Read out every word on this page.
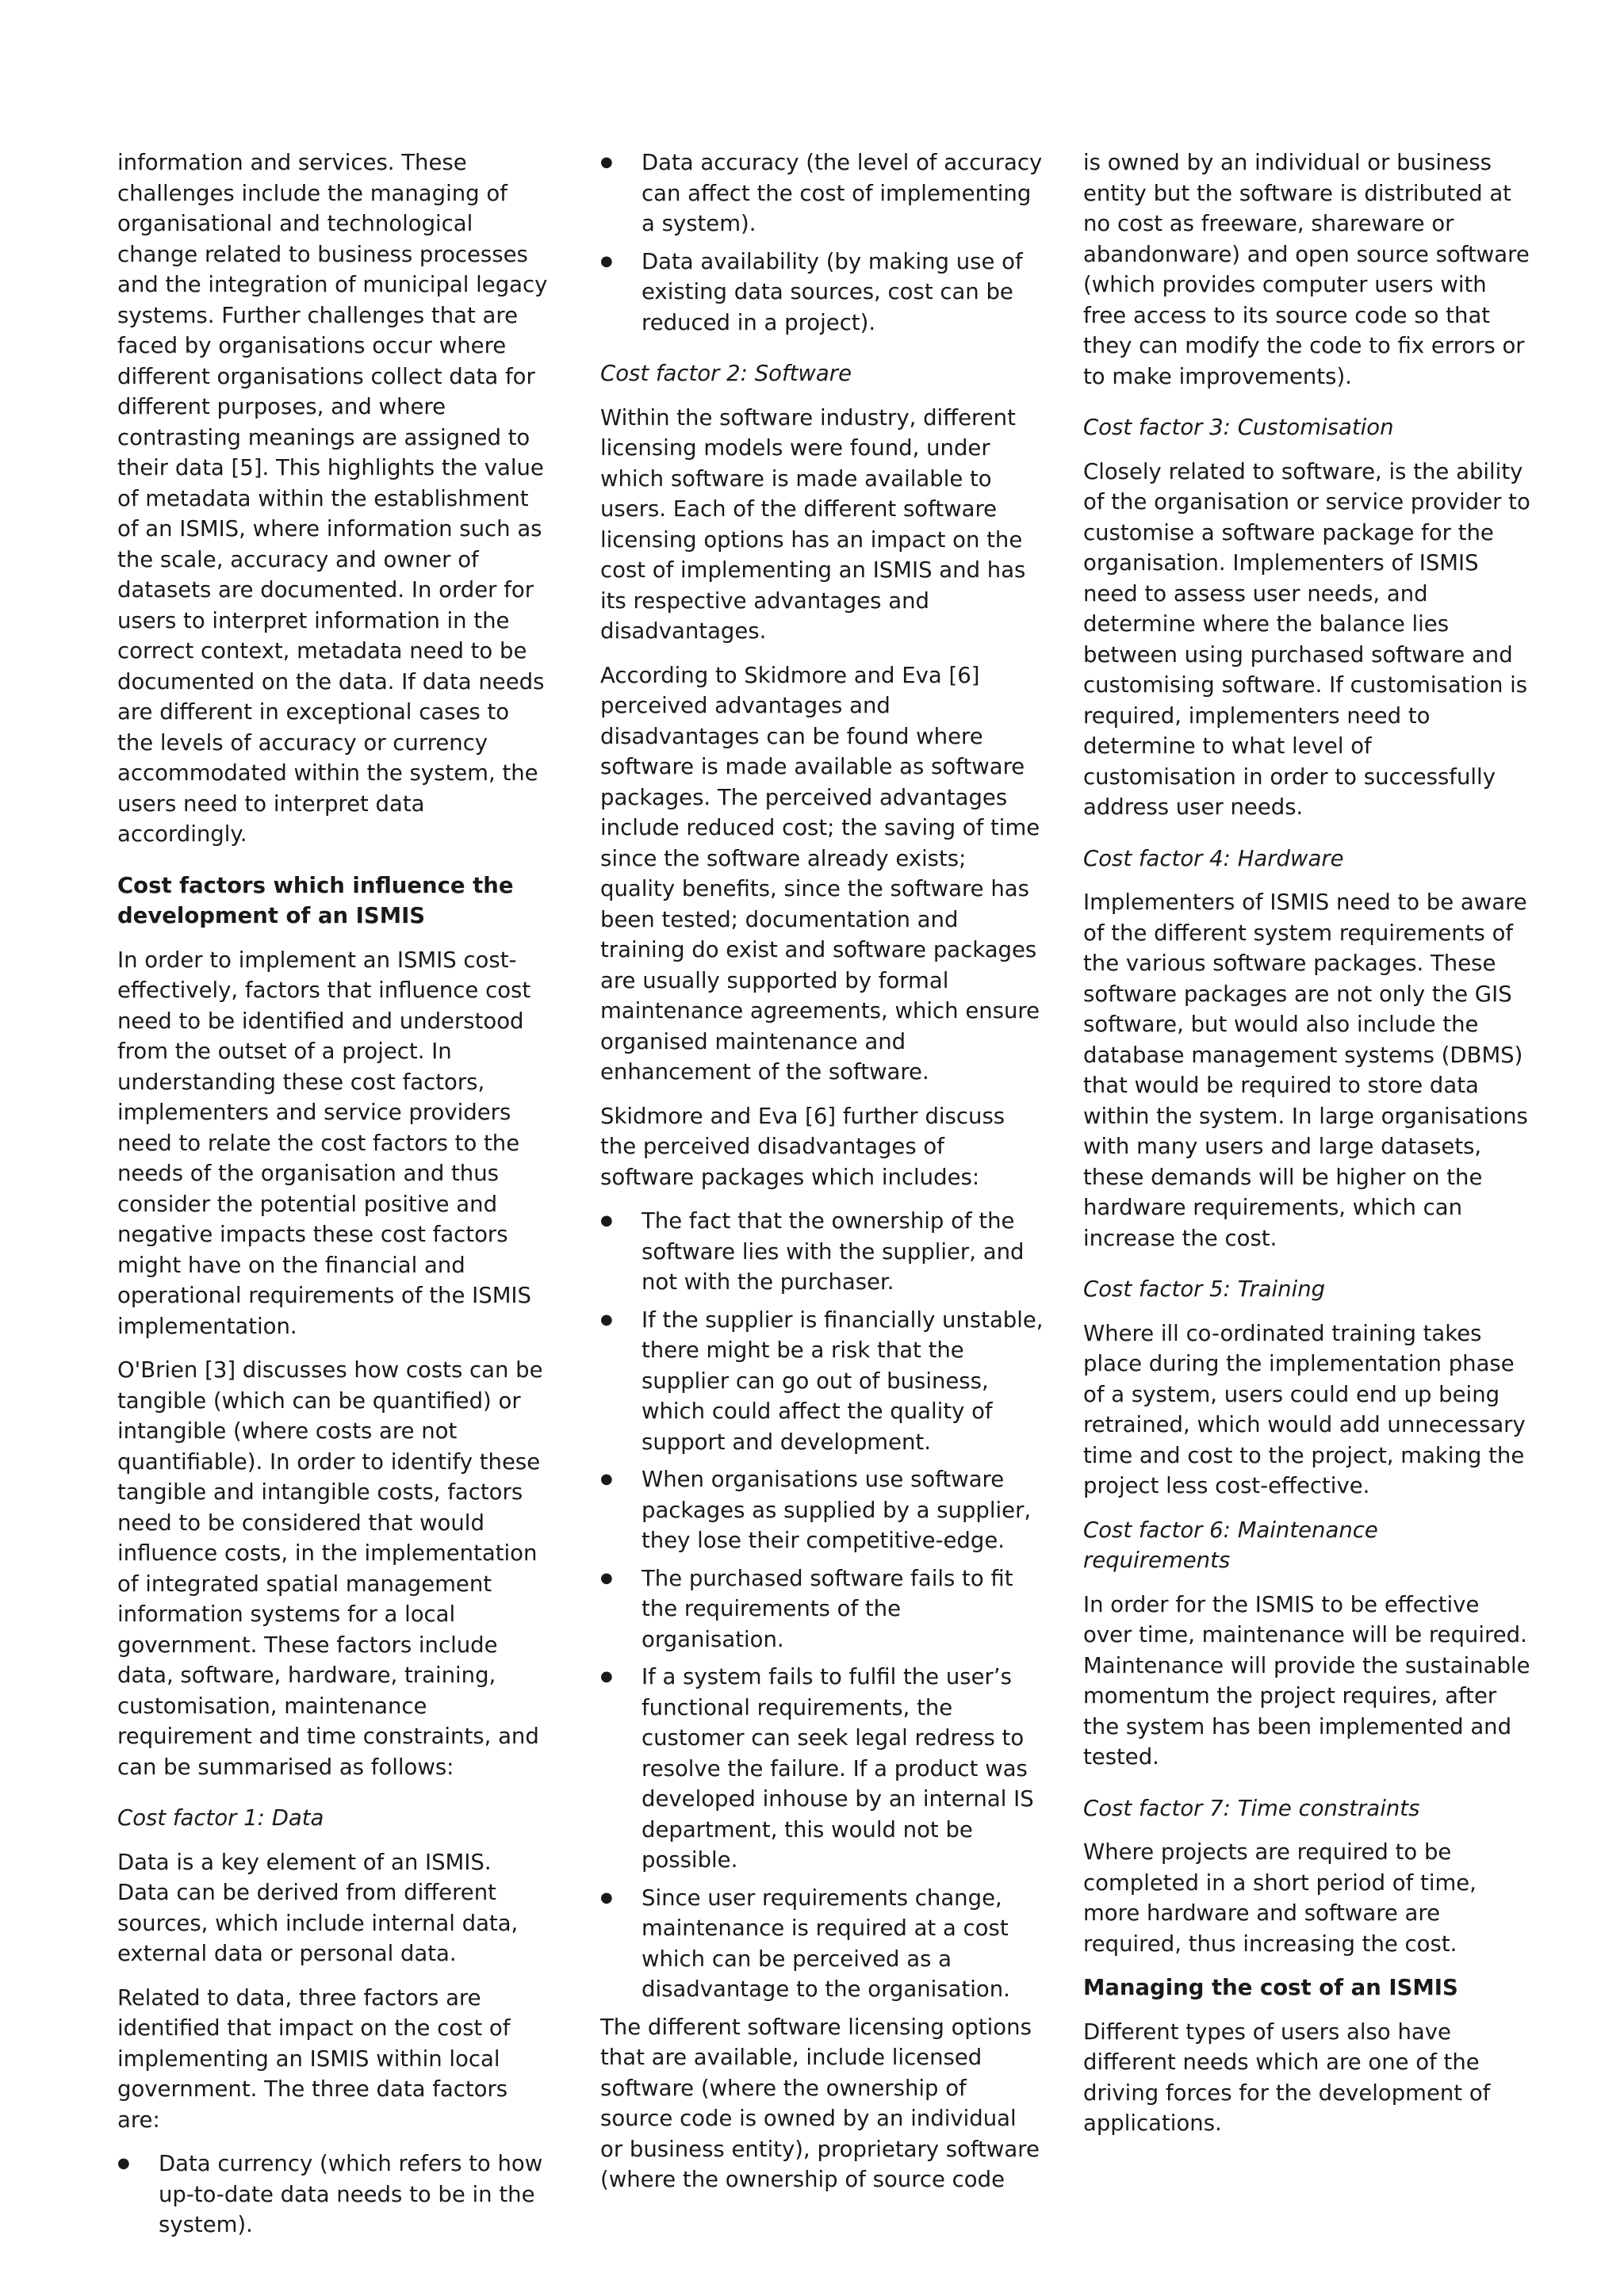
information and services. These challenges include the managing of organisational and technological change related to business processes and the integration of municipal legacy systems. Further challenges that are faced by organisations occur where different organisations collect data for different purposes, and where contrasting meanings are assigned to their data [5]. This highlights the value of metadata within the establishment of an ISMIS, where information such as the scale, accuracy and owner of datasets are documented. In order for users to interpret information in the correct context, metadata need to be documented on the data. If data needs are different in exceptional cases to the levels of accuracy or currency accommodated within the system, the users need to interpret data accordingly.

Cost factors which influence the development of an ISMIS

In order to implement an ISMIS cost-effectively, factors that influence cost need to be identified and understood from the outset of a project. In understanding these cost factors, implementers and service providers need to relate the cost factors to the needs of the organisation and thus consider the potential positive and negative impacts these cost factors might have on the financial and operational requirements of the ISMIS implementation.

O'Brien [3] discusses how costs can be tangible (which can be quantified) or intangible (where costs are not quantifiable). In order to identify these tangible and intangible costs, factors need to be considered that would influence costs, in the implementation of integrated spatial management information systems for a local government. These factors include data, software, hardware, training, customisation, maintenance requirement and time constraints, and can be summarised as follows:

Cost factor 1: Data

Data is a key element of an ISMIS. Data can be derived from different sources, which include internal data, external data or personal data.

Related to data, three factors are identified that impact on the cost of implementing an ISMIS within local government. The three data factors are:

● Data currency (which refers to how up-to-date data needs to be in the system).
● Data accuracy (the level of accuracy can affect the cost of implementing a system).
● Data availability (by making use of existing data sources, cost can be reduced in a project).

Cost factor 2: Software

Within the software industry, different licensing models were found, under which software is made available to users. Each of the different software licensing options has an impact on the cost of implementing an ISMIS and has its respective advantages and disadvantages.

According to Skidmore and Eva [6] perceived advantages and disadvantages can be found where software is made available as software packages. The perceived advantages include reduced cost; the saving of time since the software already exists; quality benefits, since the software has been tested; documentation and training do exist and software packages are usually supported by formal maintenance agreements, which ensure organised maintenance and enhancement of the software.

Skidmore and Eva [6] further discuss the perceived disadvantages of software packages which includes:

● The fact that the ownership of the software lies with the supplier, and not with the purchaser.
● If the supplier is financially unstable, there might be a risk that the supplier can go out of business, which could affect the quality of support and development.
● When organisations use software packages as supplied by a supplier, they lose their competitive-edge.
● The purchased software fails to fit the requirements of the organisation.
● If a system fails to fulfil the user’s functional requirements, the customer can seek legal redress to resolve the failure. If a product was developed inhouse by an internal IS department, this would not be possible.
● Since user requirements change, maintenance is required at a cost which can be perceived as a disadvantage to the organisation.

The different software licensing options that are available, include licensed software (where the ownership of source code is owned by an individual or business entity), proprietary software (where the ownership of source code

is owned by an individual or business entity but the software is distributed at no cost as freeware, shareware or abandonware) and open source software (which provides computer users with free access to its source code so that they can modify the code to fix errors or to make improvements).

Cost factor 3: Customisation

Closely related to software, is the ability of the organisation or service provider to customise a software package for the organisation. Implementers of ISMIS need to assess user needs, and determine where the balance lies between using purchased software and customising software. If customisation is required, implementers need to determine to what level of customisation in order to successfully address user needs.

Cost factor 4: Hardware

Implementers of ISMIS need to be aware of the different system requirements of the various software packages. These software packages are not only the GIS software, but would also include the database management systems (DBMS) that would be required to store data within the system. In large organisations with many users and large datasets, these demands will be higher on the hardware requirements, which can increase the cost.

Cost factor 5: Training

Where ill co-ordinated training takes place during the implementation phase of a system, users could end up being retrained, which would add unnecessary time and cost to the project, making the project less cost-effective.

Cost factor 6: Maintenance requirements

In order for the ISMIS to be effective over time, maintenance will be required. Maintenance will provide the sustainable momentum the project requires, after the system has been implemented and tested.

Cost factor 7: Time constraints

Where projects are required to be completed in a short period of time, more hardware and software are required, thus increasing the cost.

Managing the cost of an ISMIS

Different types of users also have different needs which are one of the driving forces for the development of applications.
